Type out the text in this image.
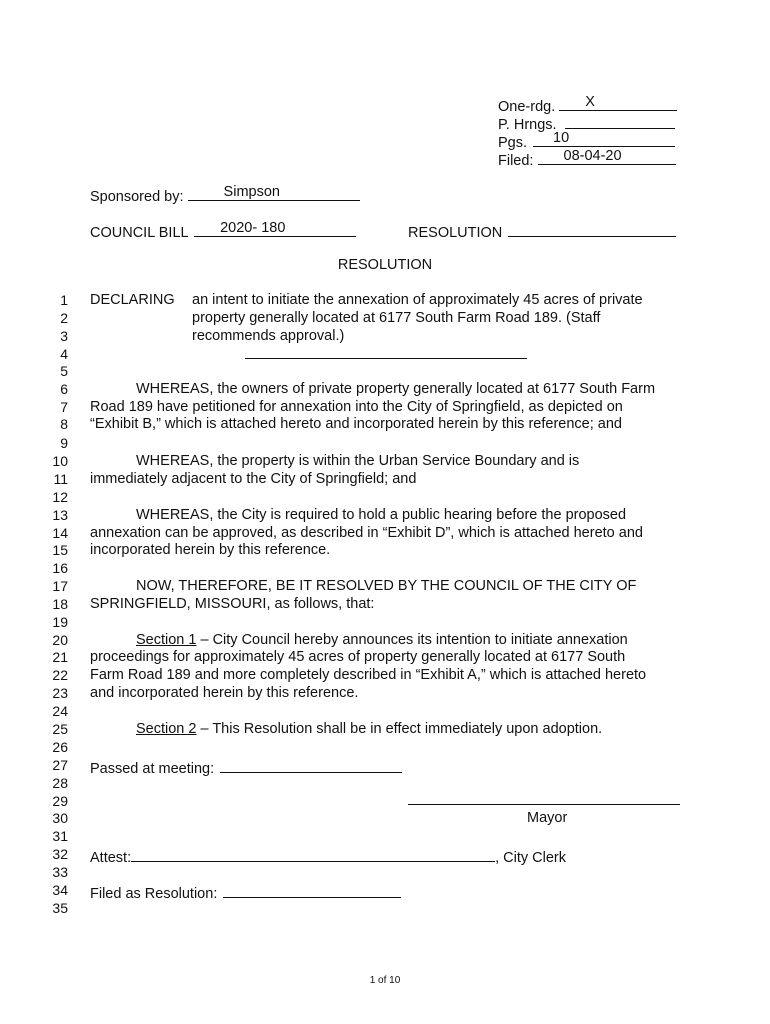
One-rdg. X
P. Hrngs.
Pgs. 10
Filed: 08-04-20
Sponsored by:	Simpson
COUNCIL BILL 2020- 180	RESOLUTION
RESOLUTION
1
2
3
4
5
6
7
8
9
10
11
12
13
14
15
16
17
18
19
20
21
22
23
24
25
26
27
28
29
30
31
32
33
34
35
DECLARING an intent to initiate the annexation of approximately 45 acres of private
property generally located at 6177 South Farm Road 189. (Staff
recommends approval.)
WHEREAS, the owners of private property generally located at 6177 South Farm
Road 189 have petitioned for annexation into the City of Springfield, as depicted on
“Exhibit B,” which is attached hereto and incorporated herein by this reference; and
WHEREAS, the property is within the Urban Service Boundary and is
immediately adjacent to the City of Springfield; and
WHEREAS, the City is required to hold a public hearing before the proposed
annexation can be approved, as described in “Exhibit D”, which is attached hereto and
incorporated herein by this reference.
NOW, THEREFORE, BE IT RESOLVED BY THE COUNCIL OF THE CITY OF
SPRINGFIELD, MISSOURI, as follows, that:
Section 1 – City Council hereby announces its intention to initiate annexation
proceedings for approximately 45 acres of property generally located at 6177 South
Farm Road 189 and more completely described in “Exhibit A,” which is attached hereto
and incorporated herein by this reference.
Section 2 – This Resolution shall be in effect immediately upon adoption.
Passed at meeting:
Mayor
Attest:	, City Clerk
Filed as Resolution:
1 of 10
